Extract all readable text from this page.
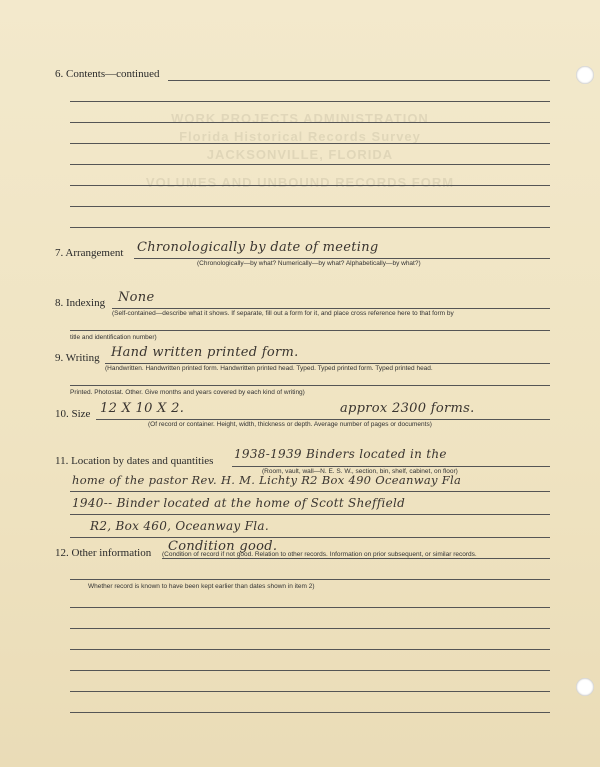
WORK PROJECTS ADMINISTRATION
Florida Historical Records Survey
JACKSONVILLE, FLORIDA
VOLUMES AND UNBOUND RECORDS FORM
6. Contents—continued
7. Arrangement Chronologically by date of meeting
(Chronologically—by what? Numerically—by what? Alphabetically—by what?)
8. Indexing None
(Self-contained—describe what it shows. If separate, fill out a form for it, and place cross reference here to that form by
title and identification number)
9. Writing Hand written printed form.
(Handwritten. Handwritten printed form. Handwritten printed head. Typed. Typed printed form. Typed printed head.
Printed. Photostat. Other. Give months and years covered by each kind of writing)
10. Size 12 X 10 X 2.	approx 2300 forms.
(Of record or container. Height, width, thickness or depth. Average number of pages or documents)
11. Location by dates and quantities 1938-1939 Binders located in the
(Room, vault, wall—N. E. S. W., section, bin, shelf, cabinet, on floor)
home of the pastor Rev. H. M. Lichty R2 Box 490 Oceanway Fla
1940-- Binder located at the home of Scott Sheffield
R2, Box 460, Oceanway Fla.
12. Other information Condition good.
(Condition of record if not good. Relation to other records. Information on prior subsequent, or similar records.
Whether record is known to have been kept earlier than dates shown in item 2)
